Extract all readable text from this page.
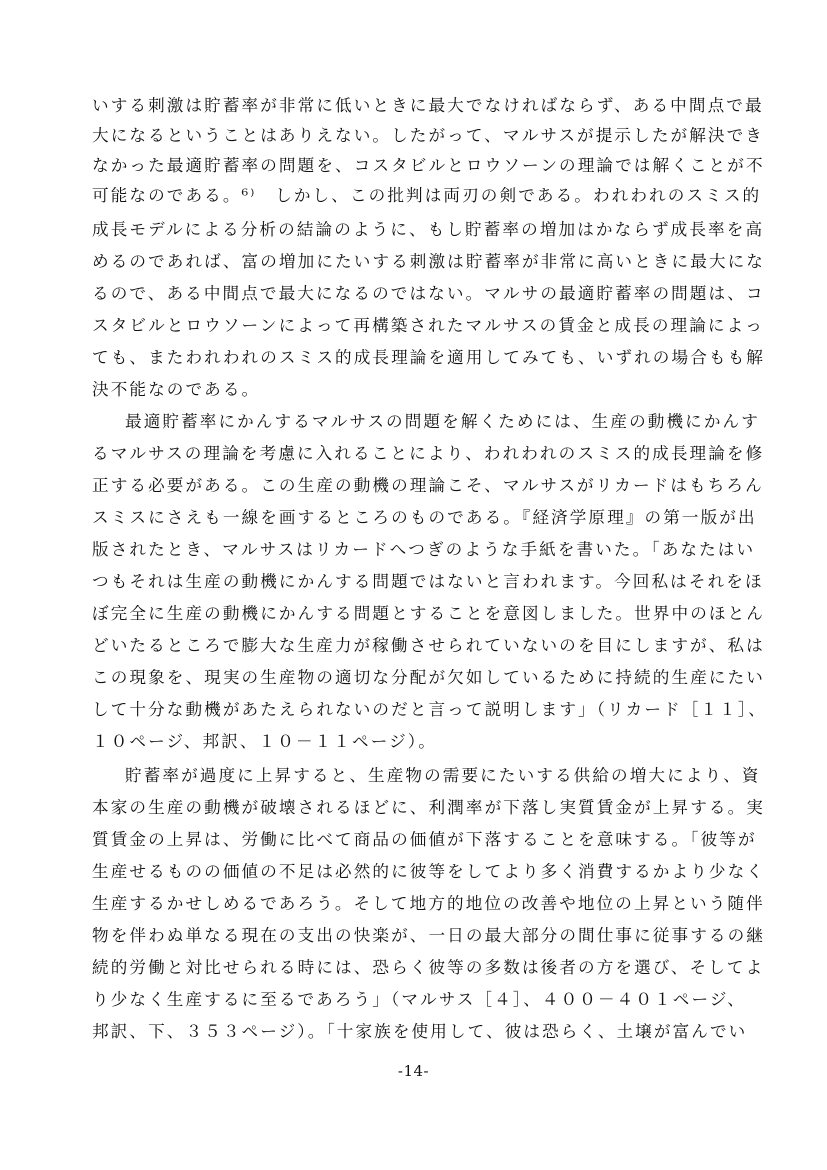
いする刺激は貯蓄率が非常に低いときに最大でなければならず、ある中間点で最
大になるということはありえない。したがって、マルサスが提示したが解決でき
なかった最適貯蓄率の問題を、コスタビルとロウソーンの理論では解くことが不
可能なのである。⁶⁾　しかし、この批判は両刃の剣である。われわれのスミス的
成長モデルによる分析の結論のように、もし貯蓄率の増加はかならず成長率を高
めるのであれば、富の増加にたいする刺激は貯蓄率が非常に高いときに最大にな
るので、ある中間点で最大になるのではない。マルサの最適貯蓄率の問題は、コ
スタビルとロウソーンによって再構築されたマルサスの賃金と成長の理論によっ
ても、またわれわれのスミス的成長理論を適用してみても、いずれの場合もも解
決不能なのである。
最適貯蓄率にかんするマルサスの問題を解くためには、生産の動機にかんす
るマルサスの理論を考慮に入れることにより、われわれのスミス的成長理論を修
正する必要がある。この生産の動機の理論こそ、マルサスがリカードはもちろん
スミスにさえも一線を画するところのものである。『経済学原理』の第一版が出
版されたとき、マルサスはリカードへつぎのような手紙を書いた。「あなたはい
つもそれは生産の動機にかんする問題ではないと言われます。今回私はそれをほ
ぼ完全に生産の動機にかんする問題とすることを意図しました。世界中のほとん
どいたるところで膨大な生産力が稼働させられていないのを目にしますが、私は
この現象を、現実の生産物の適切な分配が欠如しているために持続的生産にたい
して十分な動機があたえられないのだと言って説明します」（リカード［１１］、
１０ページ、邦訳、１０－１１ページ）。
貯蓄率が過度に上昇すると、生産物の需要にたいする供給の増大により、資
本家の生産の動機が破壊されるほどに、利潤率が下落し実質賃金が上昇する。実
質賃金の上昇は、労働に比べて商品の価値が下落することを意味する。「彼等が
生産せるものの価値の不足は必然的に彼等をしてより多く消費するかより少なく
生産するかせしめるであろう。そして地方的地位の改善や地位の上昇という随伴
物を伴わぬ単なる現在の支出の快楽が、一日の最大部分の間仕事に従事するの継
続的労働と対比せられる時には、恐らく彼等の多数は後者の方を選び、そしてよ
り少なく生産するに至るであろう」（マルサス［４］、４００－４０１ページ、
邦訳、下、３５３ページ）。「十家族を使用して、彼は恐らく、土壌が富んでい
-14-
